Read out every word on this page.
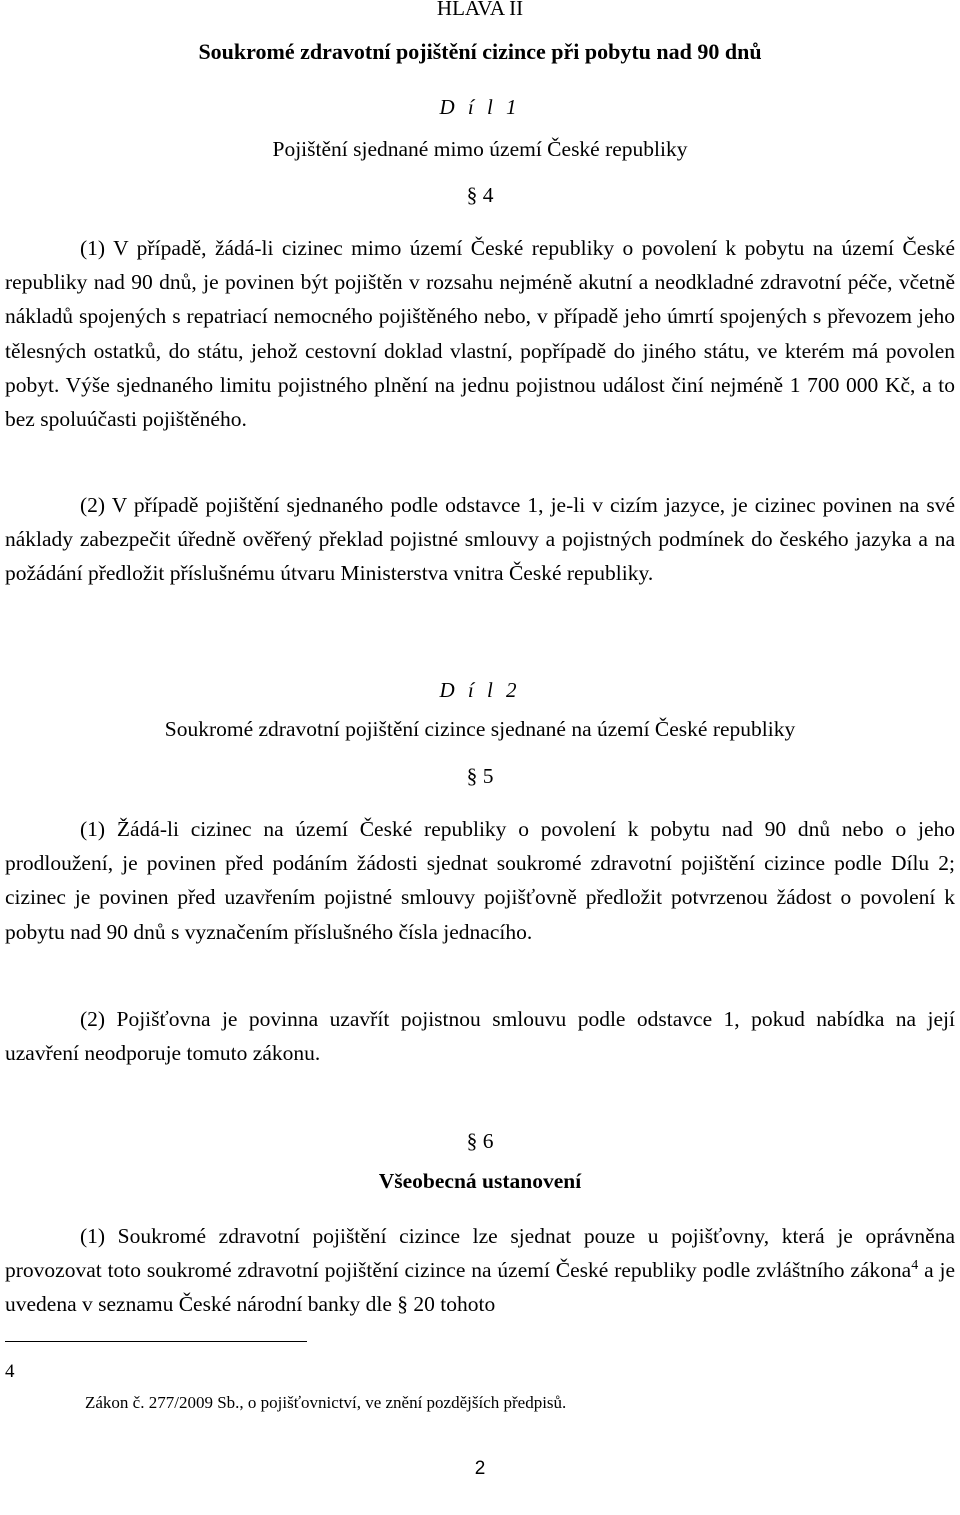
HLAVA II
Soukromé zdravotní pojištění cizince při pobytu nad 90 dnů
D í l 1
Pojištění sjednané mimo území České republiky
§ 4

(1) V případě, žádá-li cizinec mimo území České republiky o povolení k pobytu na území České republiky nad 90 dnů, je povinen být pojištěn v rozsahu nejméně akutní a neodkladné zdravotní péče, včetně nákladů spojených s repatriací nemocného pojištěného nebo, v případě jeho úmrtí spojených s převozem jeho tělesných ostatků, do státu, jehož cestovní doklad vlastní, popřípadě do jiného státu, ve kterém má povolen pobyt. Výše sjednaného limitu pojistného plnění na jednu pojistnou událost činí nejméně 1 700 000 Kč, a to bez spoluúčasti pojištěného.

(2) V případě pojištění sjednaného podle odstavce 1, je-li v cizím jazyce, je cizinec povinen na své náklady zabezpečit úředně ověřený překlad pojistné smlouvy a pojistných podmínek do českého jazyka a na požádání předložit příslušnému útvaru Ministerstva vnitra České republiky.

D í l 2
Soukromé zdravotní pojištění cizince sjednané na území České republiky
§ 5

(1) Žádá-li cizinec na území České republiky o povolení k pobytu nad 90 dnů nebo o jeho prodloužení, je povinen před podáním žádosti sjednat soukromé zdravotní pojištění cizince podle Dílu 2; cizinec je povinen před uzavřením pojistné smlouvy pojišťovně předložit potvrzenou žádost o povolení k pobytu nad 90 dnů s vyznačením příslušného čísla jednacího.

(2) Pojišťovna je povinna uzavřít pojistnou smlouvu podle odstavce 1, pokud nabídka na její uzavření neodporuje tomuto zákonu.

§ 6
Všeobecná ustanovení

(1) Soukromé zdravotní pojištění cizince lze sjednat pouze u pojišťovny, která je oprávněna provozovat toto soukromé zdravotní pojištění cizince na území České republiky podle zvláštního zákona$^4$ a je uvedena v seznamu České národní banky dle § 20 tohoto

4
Zákon č. 277/2009 Sb., o pojišťovnictví, ve znění pozdějších předpisů.
2
